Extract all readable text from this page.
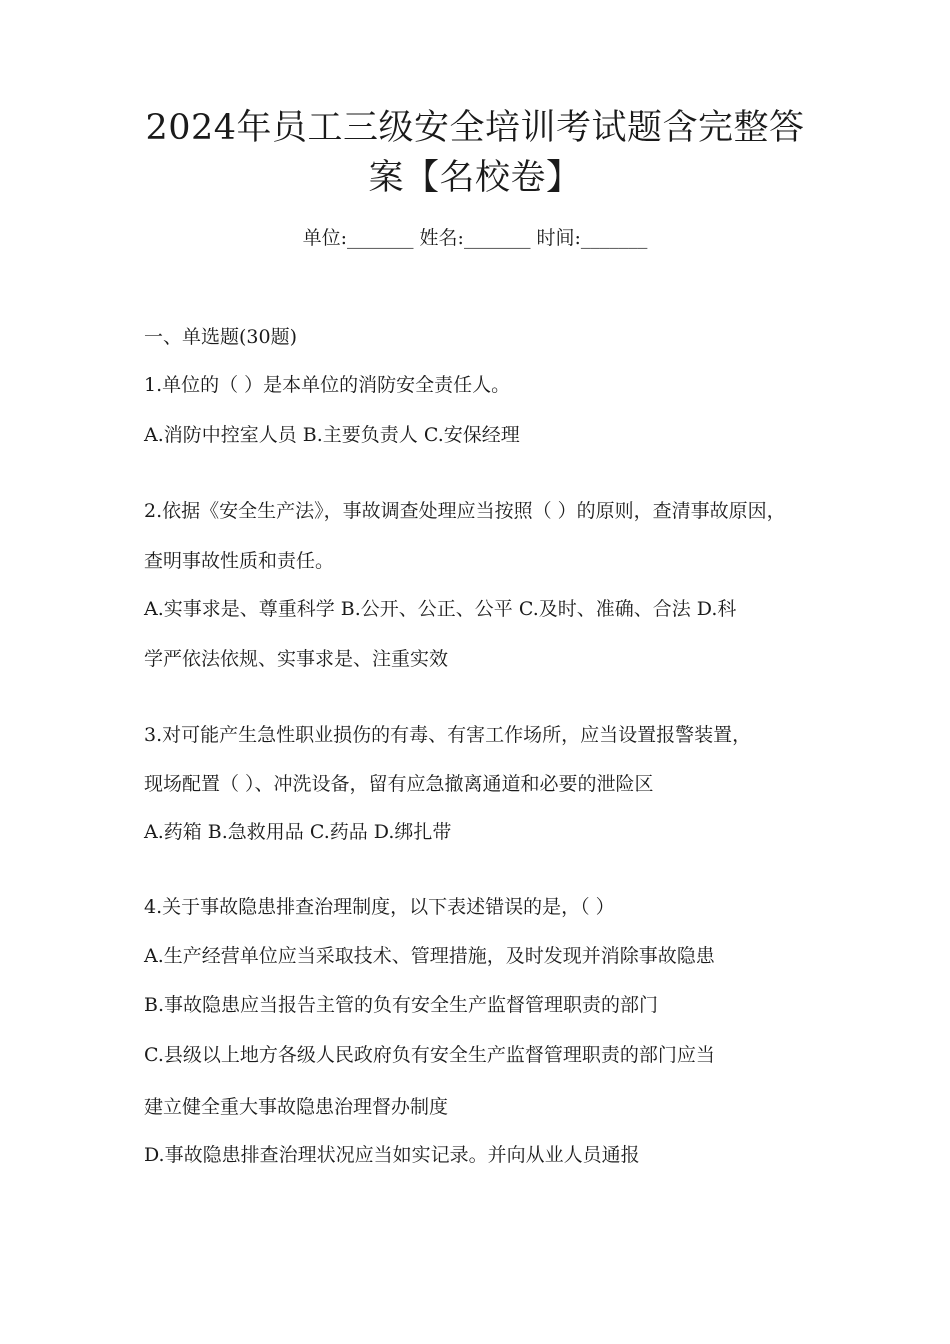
2024年员工三级安全培训考试题含完整答
案【名校卷】
单位:_______ 姓名:_______ 时间:_______
一、单选题(30题)
1.单位的（ ）是本单位的消防安全责任人。
A.消防中控室人员 B.主要负责人 C.安保经理
2.依据《安全生产法》，事故调查处理应当按照（ ）的原则，查清事故原因，
查明事故性质和责任。
A.实事求是、尊重科学 B.公开、公正、公平 C.及时、准确、合法 D.科
学严依法依规、实事求是、注重实效
3.对可能产生急性职业损伤的有毒、有害工作场所，应当设置报警装置，
现场配置（ ）、冲洗设备，留有应急撤离通道和必要的泄险区
A.药箱 B.急救用品 C.药品 D.绑扎带
4.关于事故隐患排查治理制度，以下表述错误的是，（ ）
A.生产经营单位应当采取技术、管理措施，及时发现并消除事故隐患
B.事故隐患应当报告主管的负有安全生产监督管理职责的部门
C.县级以上地方各级人民政府负有安全生产监督管理职责的部门应当
建立健全重大事故隐患治理督办制度
D.事故隐患排查治理状况应当如实记录。并向从业人员通报
